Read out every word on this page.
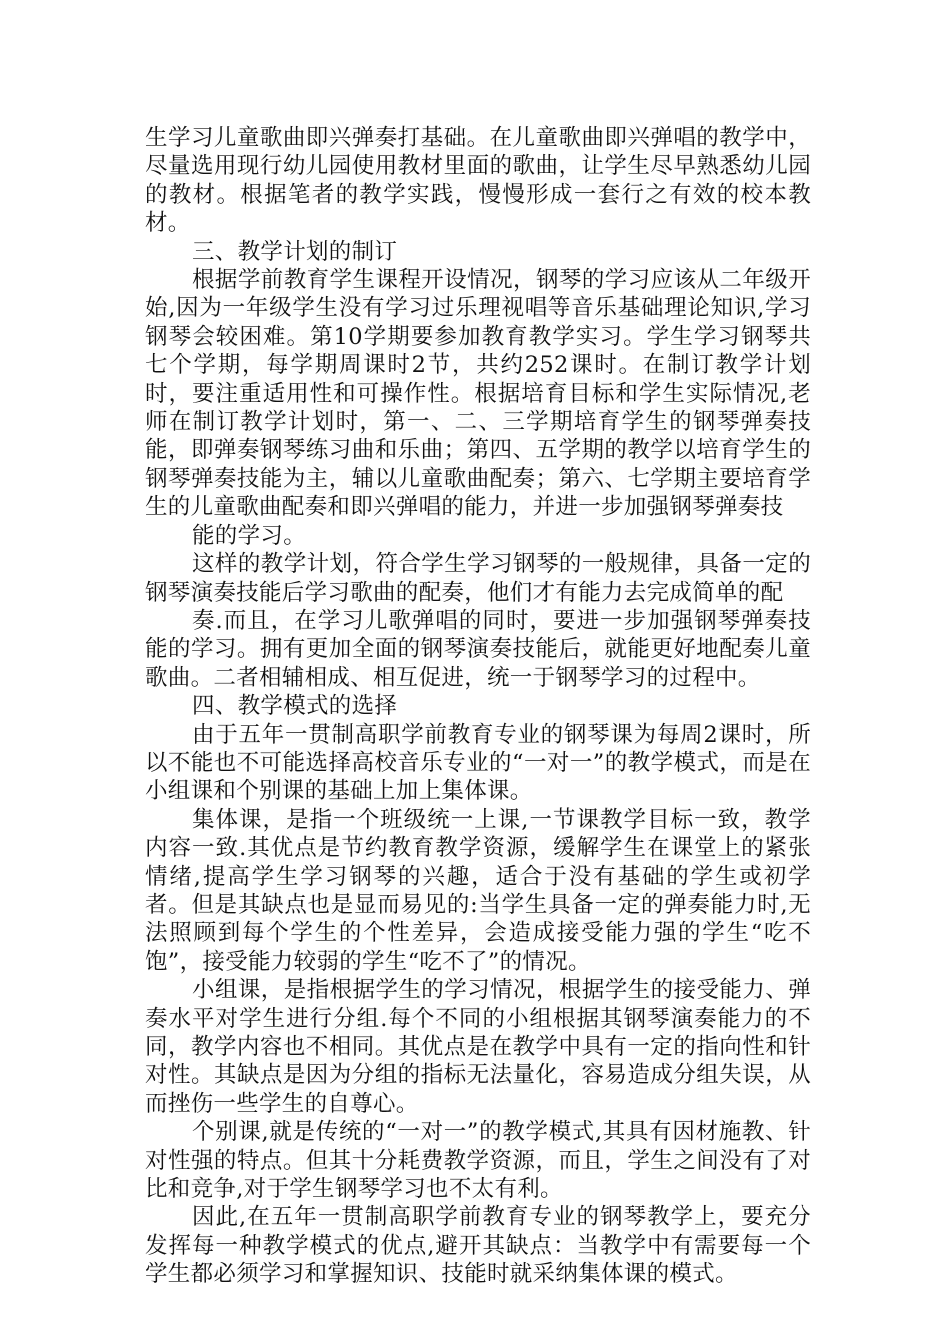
生学习儿童歌曲即兴弹奏打基础。在儿童歌曲即兴弹唱的教学中，尽量选用现行幼儿园使用教材里面的歌曲，让学生尽早熟悉幼儿园的教材。根据笔者的教学实践，慢慢形成一套行之有效的校本教材。

三、教学计划的制订

根据学前教育学生课程开设情况，钢琴的学习应该从二年级开始,因为一年级学生没有学习过乐理视唱等音乐基础理论知识,学习钢琴会较困难。第10学期要参加教育教学实习。学生学习钢琴共七个学期，每学期周课时2节，共约252课时。在制订教学计划时，要注重适用性和可操作性。根据培育目标和学生实际情况,老师在制订教学计划时，第一、二、三学期培育学生的钢琴弹奏技能，即弹奏钢琴练习曲和乐曲；第四、五学期的教学以培育学生的钢琴弹奏技能为主，辅以儿童歌曲配奏；第六、七学期主要培育学生的儿童歌曲配奏和即兴弹唱的能力，并进一步加强钢琴弹奏技

能的学习。

这样的教学计划，符合学生学习钢琴的一般规律，具备一定的钢琴演奏技能后学习歌曲的配奏，他们才有能力去完成简单的配

奏.而且，在学习儿歌弹唱的同时，要进一步加强钢琴弹奏技能的学习。拥有更加全面的钢琴演奏技能后，就能更好地配奏儿童歌曲。二者相辅相成、相互促进，统一于钢琴学习的过程中。

四、教学模式的选择

由于五年一贯制高职学前教育专业的钢琴课为每周2课时，所以不能也不可能选择高校音乐专业的“一对一”的教学模式，而是在小组课和个别课的基础上加上集体课。

集体课，是指一个班级统一上课,一节课教学目标一致，教学内容一致.其优点是节约教育教学资源，缓解学生在课堂上的紧张情绪,提高学生学习钢琴的兴趣，适合于没有基础的学生或初学者。但是其缺点也是显而易见的:当学生具备一定的弹奏能力时,无法照顾到每个学生的个性差异，会造成接受能力强的学生“吃不饱”，接受能力较弱的学生“吃不了”的情况。

小组课，是指根据学生的学习情况，根据学生的接受能力、弹奏水平对学生进行分组.每个不同的小组根据其钢琴演奏能力的不同，教学内容也不相同。其优点是在教学中具有一定的指向性和针对性。其缺点是因为分组的指标无法量化，容易造成分组失误，从而挫伤一些学生的自尊心。

个别课,就是传统的“一对一”的教学模式,其具有因材施教、针对性强的特点。但其十分耗费教学资源，而且，学生之间没有了对比和竞争,对于学生钢琴学习也不太有利。

因此,在五年一贯制高职学前教育专业的钢琴教学上，要充分发挥每一种教学模式的优点,避开其缺点：当教学中有需要每一个学生都必须学习和掌握知识、技能时就采纳集体课的模式。
